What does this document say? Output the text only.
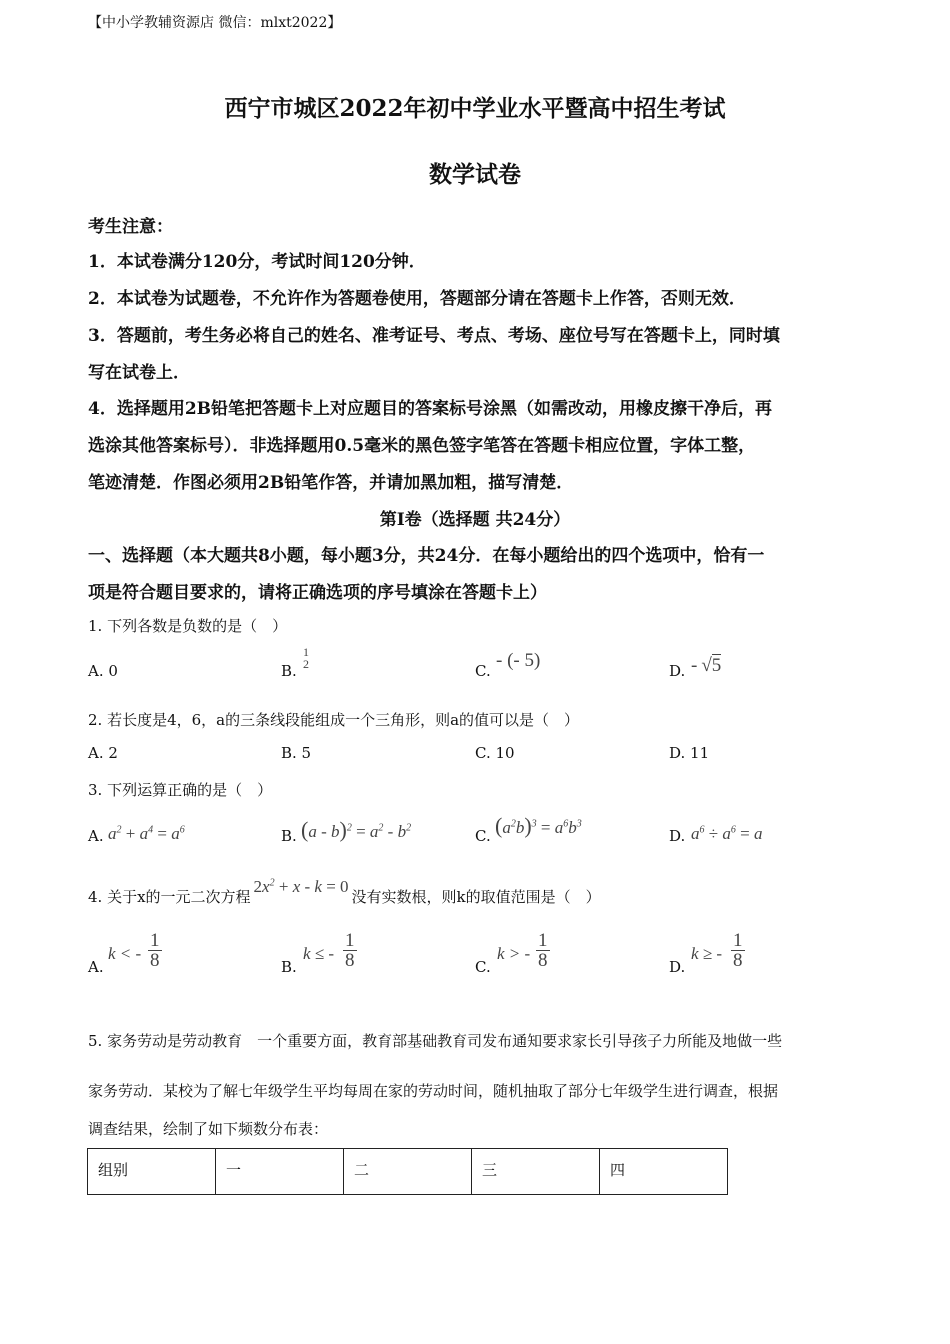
【中小学教辅资源店 微信：mlxt2022】
西宁市城区2022年初中学业水平暨高中招生考试
数学试卷
考生注意：
1．本试卷满分120分，考试时间120分钟．
2．本试卷为试题卷，不允许作为答题卷使用，答题部分请在答题卡上作答，否则无效．
3．答题前，考生务必将自己的姓名、准考证号、考点、考场、座位号写在答题卡上，同时填
写在试卷上．
4．选择题用2B铅笔把答题卡上对应题目的答案标号涂黑（如需改动，用橡皮擦干净后，再
选涂其他答案标号）．非选择题用0.5毫米的黑色签字笔答在答题卡相应位置，字体工整，
笔迹清楚．作图必须用2B铅笔作答，并请加黑加粗，描写清楚．
第Ⅰ卷（选择题 共24分）
一、选择题（本大题共8小题，每小题3分，共24分．在每小题给出的四个选项中，恰有一
项是符合题目要求的，请将正确选项的序号填涂在答题卡上）
1. 下列各数是负数的是（　）
A. 0	B.
1
2	C. - (- 5)	D. - √5
2. 若长度是4，6，a的三条线段能组成一个三角形，则a的值可以是（　）
A. 2	B. 5	C. 10	D. 11
3. 下列运算正确的是（　）
A. $a^2 + a^4 = a^6$	B. $(a - b)^2 = a^2 - b^2$	C. $(a^2b)^3 = a^6b^3$
D. $a^6 \div a^6 = a$
4. 关于x的一元二次方程$2x^2 + x - k = 0$没有实数根，则k的取值范围是（　）
A.
k < - $\frac{1}{8}$	B.
k ≤ - $\frac{1}{8}$	C.
k > - $\frac{1}{8}$	D.
k ≥ - $\frac{1}{8}$
5. 家务劳动是劳动教育　一个重要方面，教育部基础教育司发布通知要求家长引导孩子力所能及地做一些
家务劳动．某校为了解七年级学生平均每周在家的劳动时间，随机抽取了部分七年级学生进行调查，根据
调查结果，绘制了如下频数分布表：
组别	一	二	三	四
